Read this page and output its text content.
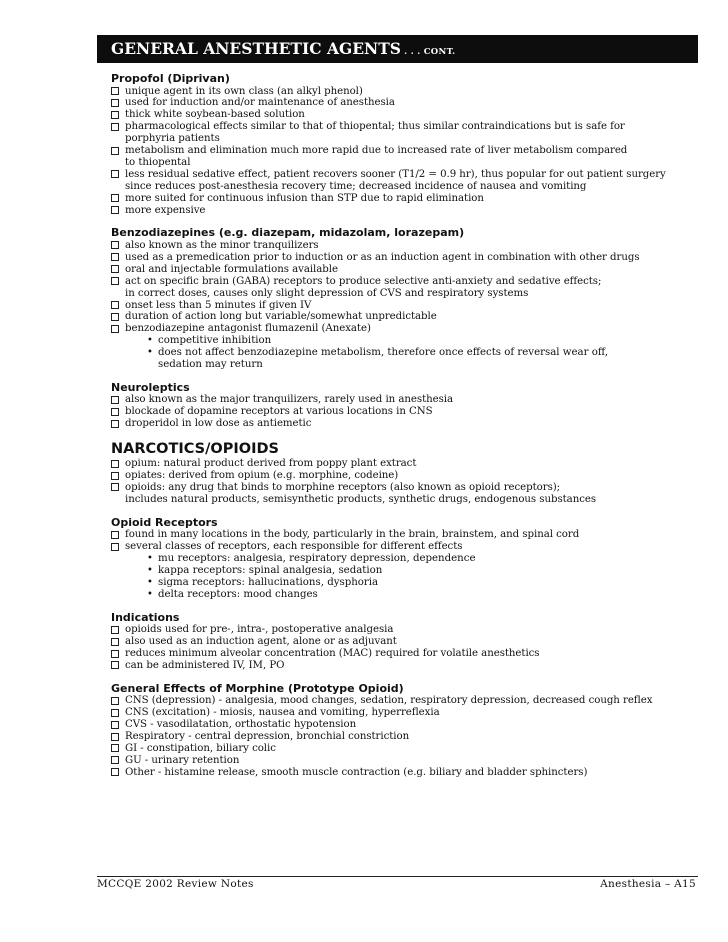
GENERAL ANESTHETIC AGENTS . . . CONT.
Propofol (Diprivan)
unique agent in its own class (an alkyl phenol)
used for induction and/or maintenance of anesthesia
thick white soybean-based solution
pharmacological effects similar to that of thiopental; thus similar contraindications but is safe for
porphyria patients
metabolism and elimination much more rapid due to increased rate of liver metabolism compared
to thiopental
less residual sedative effect, patient recovers sooner (T1/2 = 0.9 hr), thus popular for out patient surgery
since reduces post-anesthesia recovery time; decreased incidence of nausea and vomiting
more suited for continuous infusion than STP due to rapid elimination
more expensive
Benzodiazepines (e.g. diazepam, midazolam, lorazepam)
also known as the minor tranquilizers
used as a premedication prior to induction or as an induction agent in combination with other drugs
oral and injectable formulations available
act on specific brain (GABA) receptors to produce selective anti-anxiety and sedative effects;
in correct doses, causes only slight depression of CVS and respiratory systems
onset less than 5 minutes if given IV
duration of action long but variable/somewhat unpredictable
benzodiazepine antagonist flumazenil (Anexate)
• competitive inhibition
• does not affect benzodiazepine metabolism, therefore once effects of reversal wear off,
sedation may return
Neuroleptics
also known as the major tranquilizers, rarely used in anesthesia
blockade of dopamine receptors at various locations in CNS
droperidol in low dose as antiemetic
NARCOTICS/OPIOIDS
opium: natural product derived from poppy plant extract
opiates: derived from opium (e.g. morphine, codeine)
opioids: any drug that binds to morphine receptors (also known as opioid receptors);
includes natural products, semisynthetic products, synthetic drugs, endogenous substances
Opioid Receptors
found in many locations in the body, particularly in the brain, brainstem, and spinal cord
several classes of receptors, each responsible for different effects
• mu receptors: analgesia, respiratory depression, dependence
• kappa receptors: spinal analgesia, sedation
• sigma receptors: hallucinations, dysphoria
• delta receptors: mood changes
Indications
opioids used for pre-, intra-, postoperative analgesia
also used as an induction agent, alone or as adjuvant
reduces minimum alveolar concentration (MAC) required for volatile anesthetics
can be administered IV, IM, PO
General Effects of Morphine (Prototype Opioid)
CNS (depression) - analgesia, mood changes, sedation, respiratory depression, decreased cough reflex
CNS (excitation) - miosis, nausea and vomiting, hyperreflexia
CVS - vasodilatation, orthostatic hypotension
Respiratory - central depression, bronchial constriction
GI - constipation, biliary colic
GU - urinary retention
Other - histamine release, smooth muscle contraction (e.g. biliary and bladder sphincters)
MCCQE 2002 Review Notes	Anesthesia – A15
